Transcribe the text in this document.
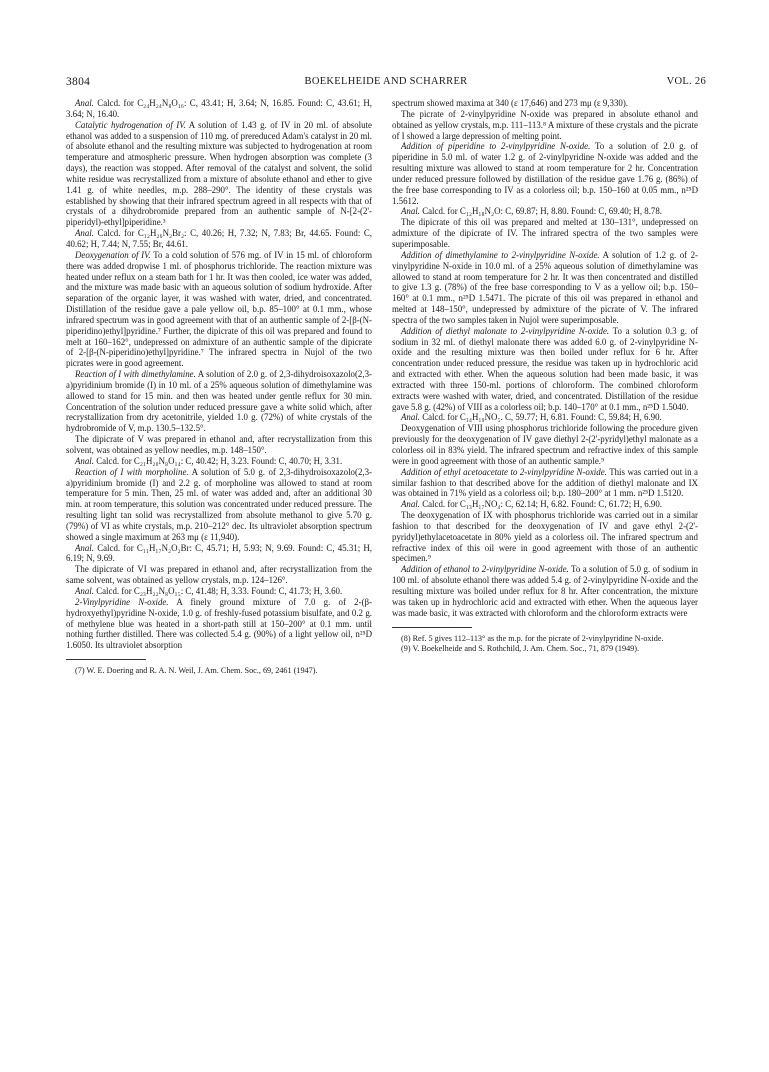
3804	BOEKELHEIDE AND SCHARRER	VOL. 26

Anal. Calcd. for C₂₄H₂₄N₈O₁₆: C, 43.41; H, 3.64; N, 16.85. Found: C, 43.61; H, 3.64; N, 16.40.

Catalytic hydrogenation of IV. A solution of 1.43 g. of IV in 20 ml. of absolute ethanol was added to a suspension of 110 mg. of prereduced Adam's catalyst in 20 ml. of absolute ethanol and the resulting mixture was subjected to hydrogenation at room temperature and atmospheric pressure. When hydrogen absorption was complete (3 days), the reaction was stopped. After removal of the catalyst and solvent, the solid white residue was recrystallized from a mixture of absolute ethanol and ether to give 1.41 g. of white needles, m.p. 288–290°. The identity of these crystals was established by showing that their infrared spectrum agreed in all respects with that of crystals of a dihydrobromide prepared from an authentic sample of N-[2-(2'-piperidyl)-ethyl]piperidine.³

Anal. Calcd. for C₁₂H₂₆N₂Br₂: C, 40.26; H, 7.32; N, 7.83; Br, 44.65. Found: C, 40.62; H, 7.44; N, 7.55; Br, 44.61.

Deoxygenation of IV. To a cold solution of 576 mg. of IV in 15 ml. of chloroform there was added dropwise 1 ml. of phosphorus trichloride. The reaction mixture was heated under reflux on a steam bath for 1 hr. It was then cooled, ice water was added, and the mixture was made basic with an aqueous solution of sodium hydroxide. After separation of the organic layer, it was washed with water, dried, and concentrated. Distillation of the residue gave a pale yellow oil, b.p. 85–100° at 0.1 mm., whose infrared spectrum was in good agreement with that of an authentic sample of 2-[β-(N-piperidino)ethyl]pyridine.⁷ Further, the dipicrate of this oil was prepared and found to melt at 160–162°, undepressed on admixture of an authentic sample of the dipicrate of 2-[β-(N-piperidino)ethyl]pyridine.⁷ The infrared spectra in Nujol of the two picrates were in good agreement.

Reaction of I with dimethylamine. A solution of 2.0 g. of 2,3-dihydroisoxazolo(2,3-a)pyridinium bromide (I) in 10 ml. of a 25% aqueous solution of dimethylamine was allowed to stand for 15 min. and then was heated under gentle reflux for 30 min. Concentration of the solution under reduced pressure gave a white solid which, after recrystallization from dry acetonitrile, yielded 1.0 g. (72%) of white crystals of the hydrobromide of V, m.p. 130.5–132.5°.

The dipicrate of V was prepared in ethanol and, after recrystallization from this solvent, was obtained as yellow needles, m.p. 148–150°.

Anal. Calcd. for C₂₁H₂₀N₈O₁₄: C, 40.42; H, 3.23. Found: C, 40.70; H, 3.31.

Reaction of I with morpholine. A solution of 5.0 g. of 2,3-dihydroisoxazolo(2,3-a)pyridinium bromide (I) and 2.2 g. of morpholine was allowed to stand at room temperature for 5 min. Then, 25 ml. of water was added and, after an additional 30 min. at room temperature, this solution was concentrated under reduced pressure. The resulting light tan solid was recrystallized from absolute methanol to give 5.70 g. (79%) of VI as white crystals, m.p. 210–212° dec. Its ultraviolet absorption spectrum showed a single maximum at 263 mμ (ε 11,940).

Anal. Calcd. for C₁₁H₁₇N₂O₂Br: C, 45.71; H, 5.93; N, 9.69. Found: C, 45.31; H, 6.19; N, 9.69.

The dipicrate of VI was prepared in ethanol and, after recrystallization from the same solvent, was obtained as yellow crystals, m.p. 124–126°.

Anal. Calcd. for C₂₃H₂₂N₈O₁₅: C, 41.48; H, 3.33. Found: C, 41.73; H, 3.60.

2-Vinylpyridine N-oxide. A finely ground mixture of 7.0 g. of 2-(β-hydroxyethyl)pyridine N-oxide, 1.0 g. of freshly-fused potassium bisulfate, and 0.2 g. of methylene blue was heated in a short-path still at 150–200° at 0.1 mm. until nothing further distilled. There was collected 5.4 g. (90%) of a light yellow oil, n²⁵D 1.6050. Its ultraviolet absorption

(7) W. E. Doering and R. A. N. Weil, J. Am. Chem. Soc., 69, 2461 (1947).

spectrum showed maxima at 340 (ε 17,646) and 273 mμ (ε 9,330).

The picrate of 2-vinylpyridine N-oxide was prepared in absolute ethanol and obtained as yellow crystals, m.p. 111–113.⁸ A mixture of these crystals and the picrate of I showed a large depression of melting point.

Addition of piperidine to 2-vinylpyridine N-oxide. To a solution of 2.0 g. of piperidine in 5.0 ml. of water 1.2 g. of 2-vinylpyridine N-oxide was added and the resulting mixture was allowed to stand at room temperature for 2 hr. Concentration under reduced pressure followed by distillation of the residue gave 1.76 g. (86%) of the free base corresponding to IV as a colorless oil; b.p. 150–160 at 0.05 mm., n²⁵D 1.5612.

Anal. Calcd. for C₁₂H₁₈N₂O: C, 69.87; H, 8.80. Found: C, 69.40; H, 8.78.

The dipicrate of this oil was prepared and melted at 130–131°, undepressed on admixture of the dipicrate of IV. The infrared spectra of the two samples were superimposable.

Addition of dimethylamine to 2-vinylpyridine N-oxide. A solution of 1.2 g. of 2-vinylpyridine N-oxide in 10.0 ml. of a 25% aqueous solution of dimethylamine was allowed to stand at room temperature for 2 hr. It was then concentrated and distilled to give 1.3 g. (78%) of the free base corresponding to V as a yellow oil; b.p. 150–160° at 0.1 mm., n²⁵D 1.5471. The picrate of this oil was prepared in ethanol and melted at 148–150°, undepressed by admixture of the picrate of V. The infrared spectra of the two samples taken in Nujol were superimposable.

Addition of diethyl malonate to 2-vinylpyridine N-oxide. To a solution 0.3 g. of sodium in 32 ml. of diethyl malonate there was added 6.0 g. of 2-vinylpyridine N-oxide and the resulting mixture was then boiled under reflux for 6 hr. After concentration under reduced pressure, the residue was taken up in hydrochloric acid and extracted with ether. When the aqueous solution had been made basic, it was extracted with three 150-ml. portions of chloroform. The combined chloroform extracts were washed with water, dried, and concentrated. Distillation of the residue gave 5.8 g. (42%) of VIII as a colorless oil; b.p. 140–170° at 0.1 mm., n²⁵D 1.5040.

Anal. Calcd. for C₁₄H₁₉NO₅. C, 59.77; H, 6.81. Found: C, 59.84; H, 6.90.

Deoxygenation of VIII using phosphorus trichloride following the procedure given previously for the deoxygenation of IV gave diethyl 2-(2'-pyridyl)ethyl malonate as a colorless oil in 83% yield. The infrared spectrum and refractive index of this sample were in good agreement with those of an authentic sample.⁹

Addition of ethyl acetoacetate to 2-vinylpyridine N-oxide. This was carried out in a similar fashion to that described above for the addition of diethyl malonate and IX was obtained in 71% yield as a colorless oil; b.p. 180–200° at 1 mm. n²⁵D 1.5120.

Anal. Calcd. for C₁₃H₁₇NO₄: C, 62.14; H, 6.82. Found: C, 61.72; H, 6.90.

The deoxygenation of IX with phosphorus trichloride was carried out in a similar fashion to that described for the deoxygenation of IV and gave ethyl 2-(2'-pyridyl)ethylacetoacetate in 80% yield as a colorless oil. The infrared spectrum and refractive index of this oil were in good agreement with those of an authentic specimen.⁹

Addition of ethanol to 2-vinylpyridine N-oxide. To a solution of 5.0 g. of sodium in 100 ml. of absolute ethanol there was added 5.4 g. of 2-vinylpyridine N-oxide and the resulting mixture was boiled under reflux for 8 hr. After concentration, the mixture was taken up in hydrochloric acid and extracted with ether. When the aqueous layer was made basic, it was extracted with chloroform and the chloroform extracts were

(8) Ref. 5 gives 112–113° as the m.p. for the picrate of 2-vinylpyridine N-oxide.

(9) V. Boekelheide and S. Rothchild, J. Am. Chem. Soc., 71, 879 (1949).
